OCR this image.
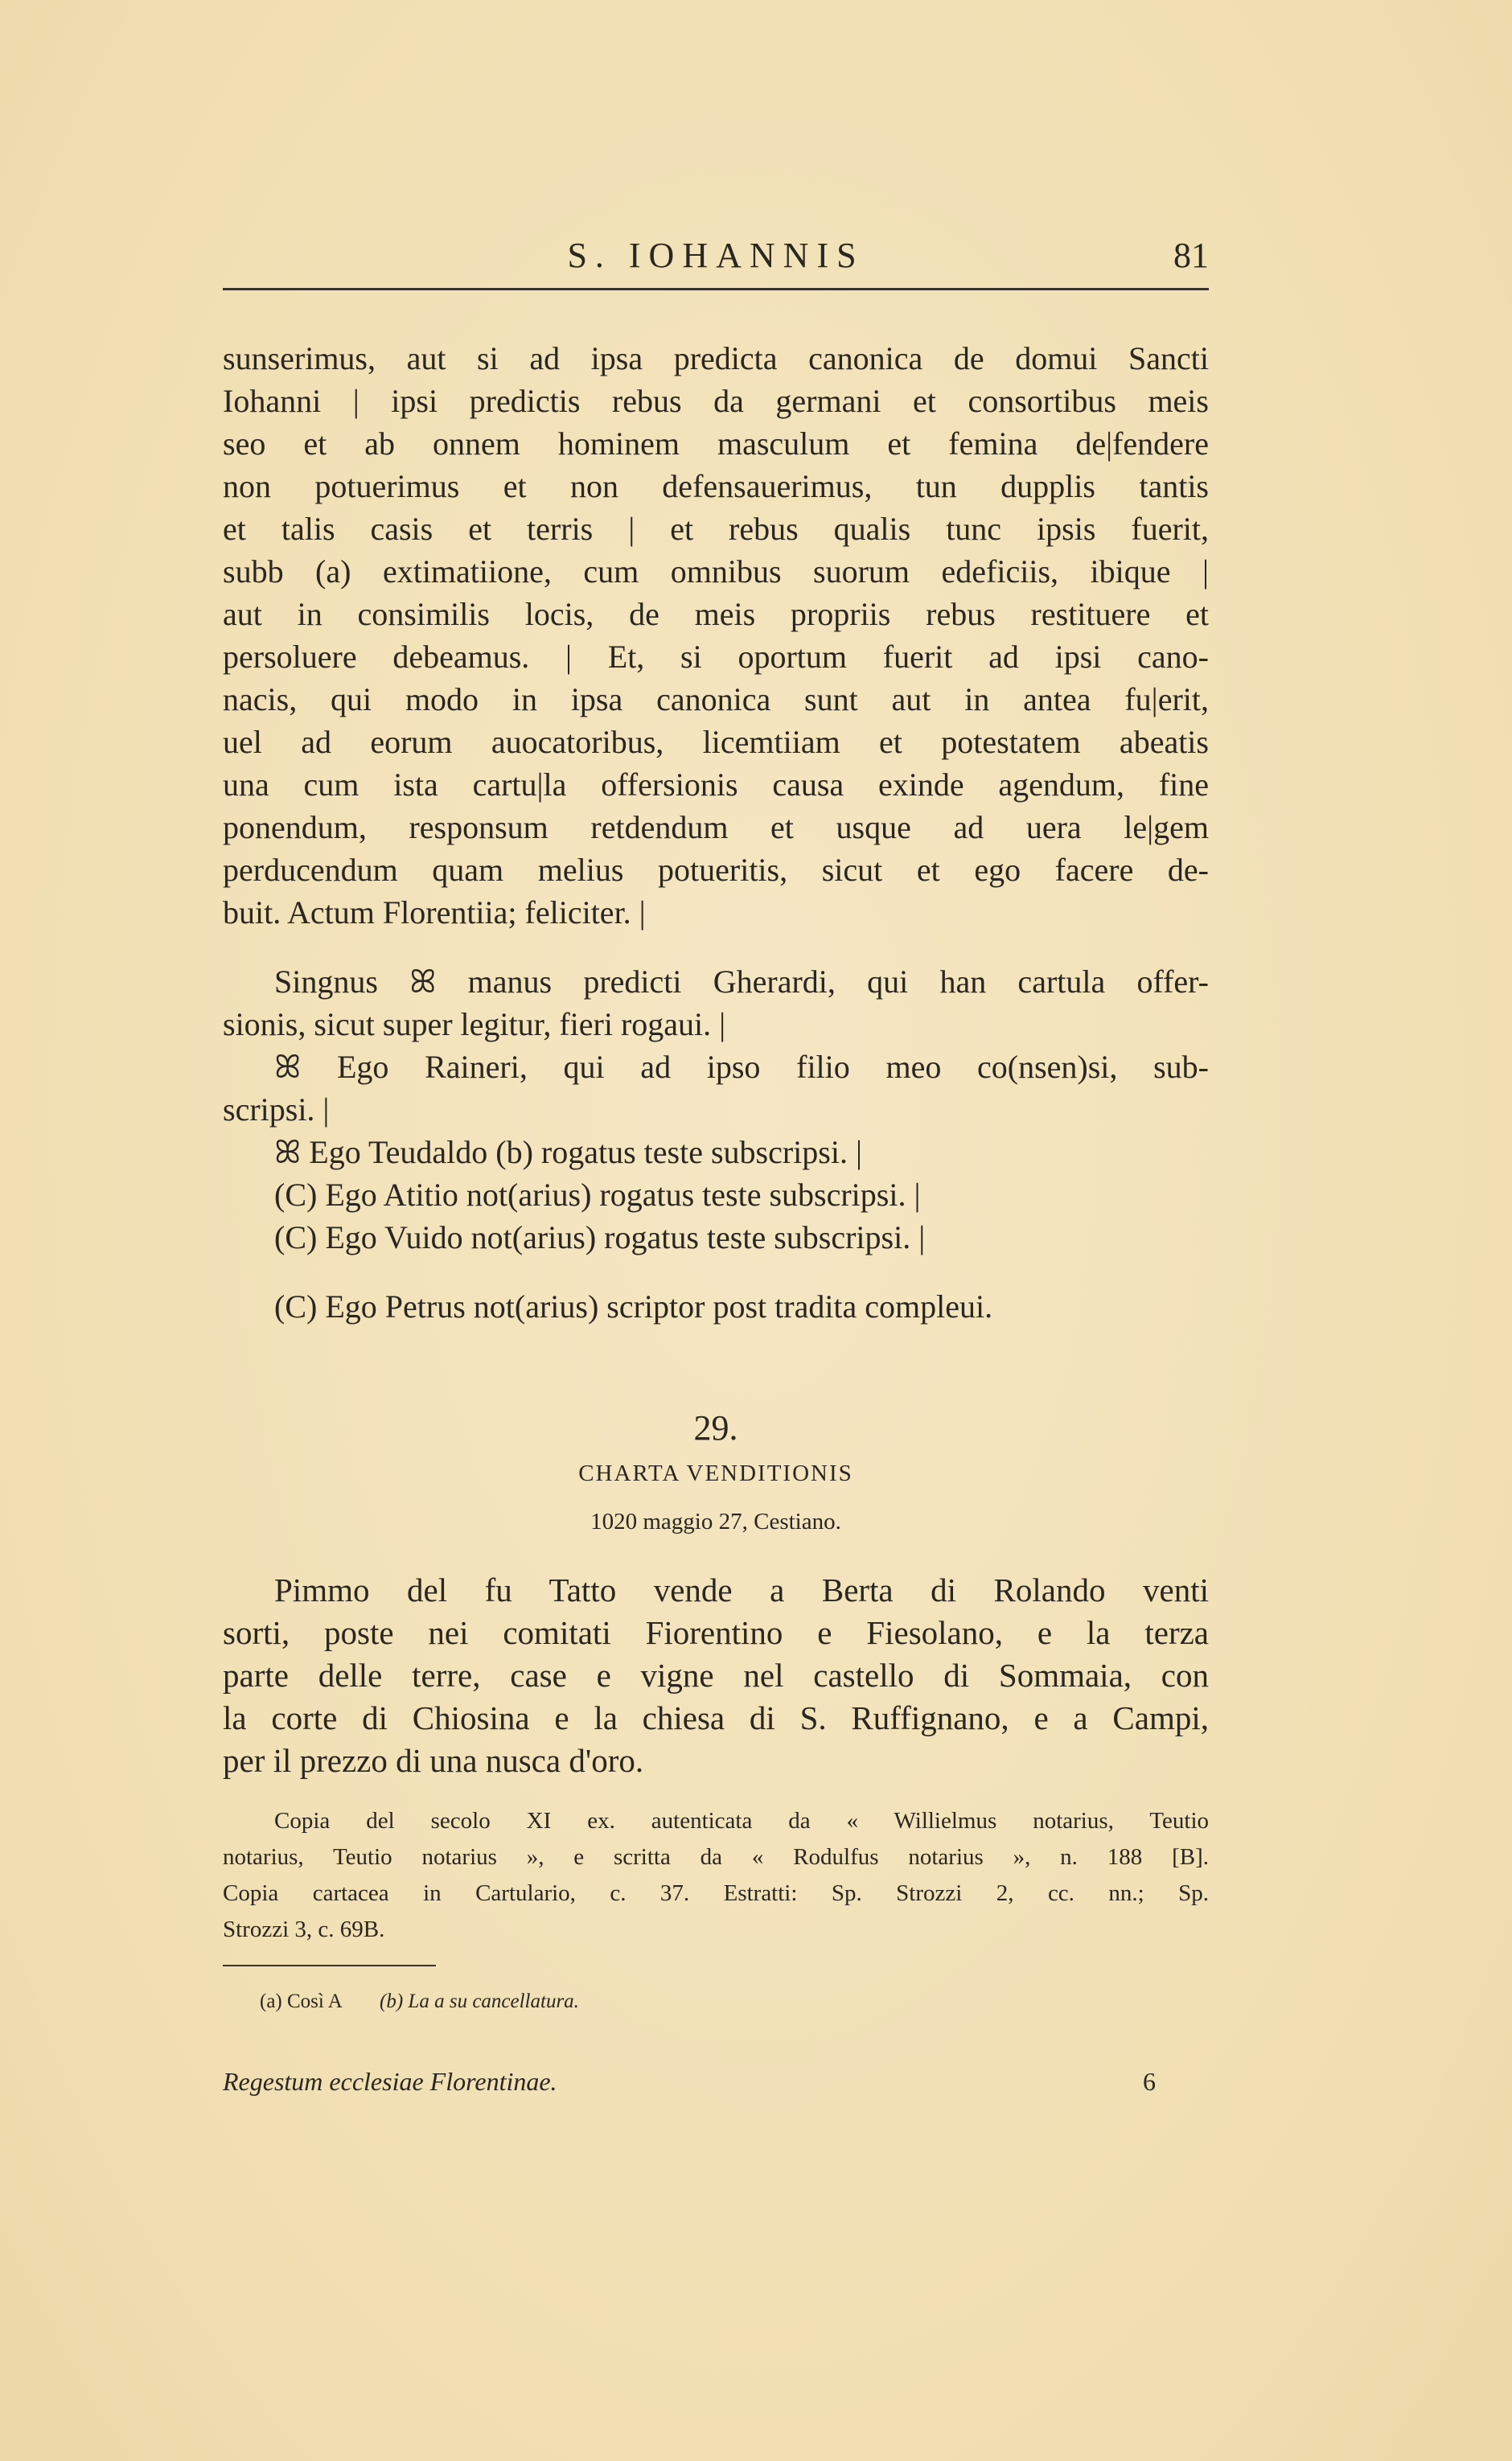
S. IOHANNIS	81
sunserimus, aut si ad ipsa predicta canonica de domui Sancti
Iohanni | ipsi predictis rebus da germani et consortibus meis
seo et ab onnem hominem masculum et femina de|fendere
non potuerimus et non defensauerimus, tun dupplis tantis
et talis casis et terris | et rebus qualis tunc ipsis fuerit,
subb (a) extimatiione, cum omnibus suorum edeficiis, ibique |
aut in consimilis locis, de meis propriis rebus restituere et
persoluere debeamus. | Et, si oportum fuerit ad ipsi cano-
nacis, qui modo in ipsa canonica sunt aut in antea fu|erit,
uel ad eorum auocatoribus, licemtiiam et potestatem abeatis
una cum ista cartu|la offersionis causa exinde agendum, fine
ponendum, responsum retdendum et usque ad uera le|gem
perducendum quam melius potueritis, sicut et ego facere de-
buit. Actum Florentiia; feliciter. |
Singnus ꕤ manus predicti Gherardi, qui han cartula offer-
sionis, sicut super legitur, fieri rogaui. |
ꕤ Ego Raineri, qui ad ipso filio meo co(nsen)si, sub-
scripsi. |
ꕤ Ego Teudaldo (b) rogatus teste subscripsi. |
(C) Ego Atitio not(arius) rogatus teste subscripsi. |
(C) Ego Vuido not(arius) rogatus teste subscripsi. |
(C) Ego Petrus not(arius) scriptor post tradita compleui.
29.
CHARTA VENDITIONIS
1020 maggio 27, Cestiano.
Pimmo del fu Tatto vende a Berta di Rolando venti
sorti, poste nei comitati Fiorentino e Fiesolano, e la terza
parte delle terre, case e vigne nel castello di Sommaia, con
la corte di Chiosina e la chiesa di S. Ruffignano, e a Campi,
per il prezzo di una nusca d'oro.
Copia del secolo XI ex. autenticata da « Willielmus notarius, Teutio
notarius, Teutio notarius », e scritta da « Rodulfus notarius », n. 188 [B].
Copia cartacea in Cartulario, c. 37. Estratti: Sp. Strozzi 2, cc. nn.; Sp.
Strozzi 3, c. 69B.
(a) Così A (b) La a su cancellatura.
Regestum ecclesiae Florentinae.	6
